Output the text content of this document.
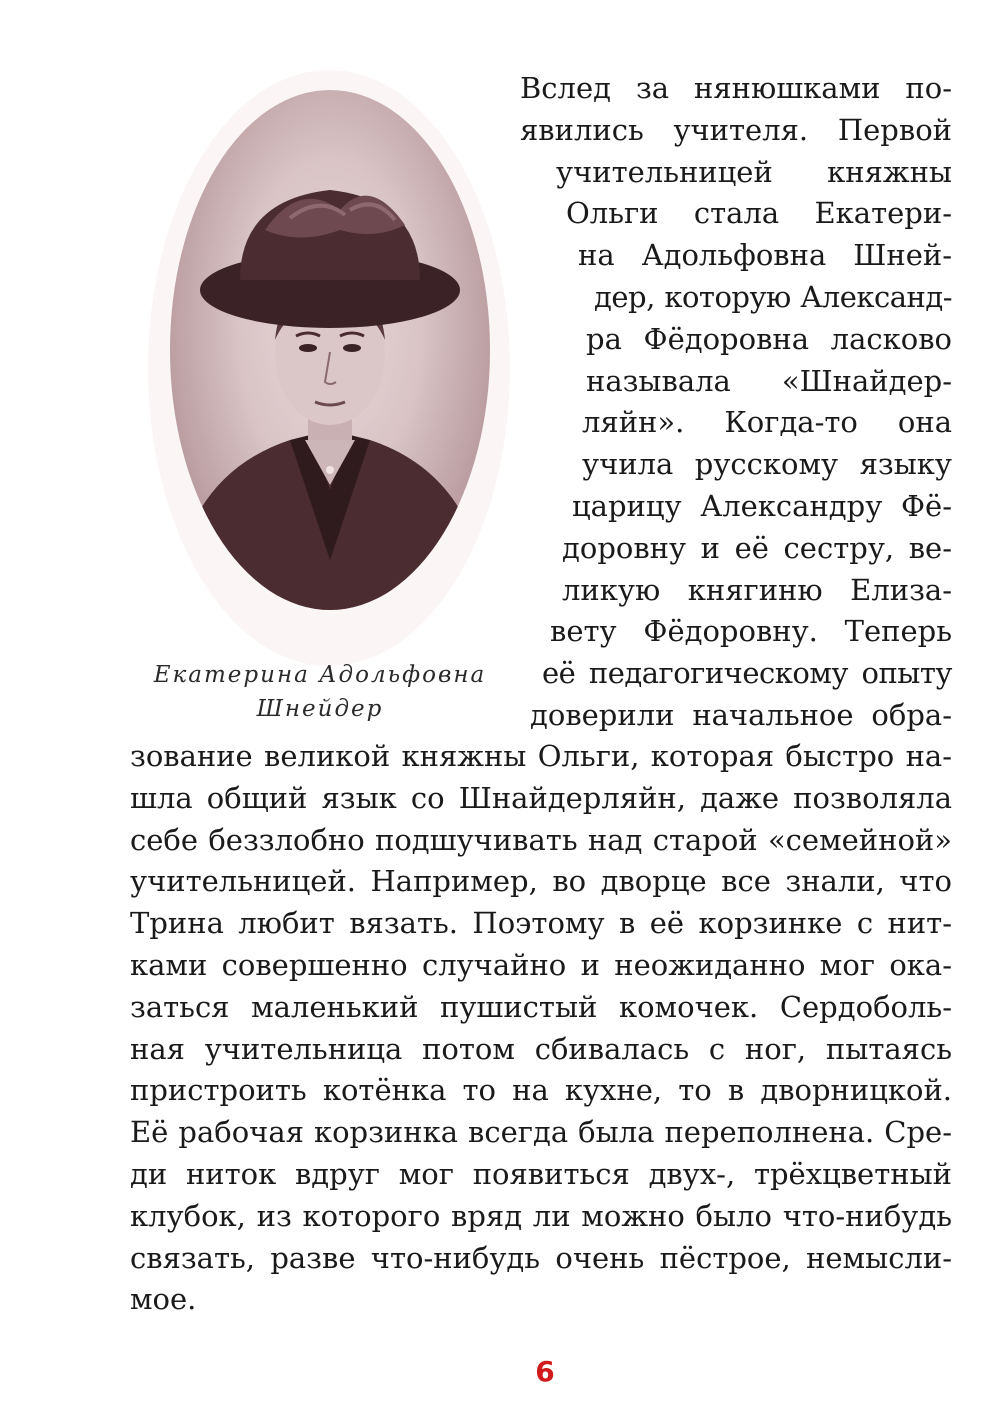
Екатерина Адольфовна
Шнейдер
Вслед за нянюшками по-
явились учителя. Первой
учительницей княжны
Ольги стала Екатери-
на Адольфовна Шней-
дер, которую Александ-
ра Фёдоровна ласково
называла «Шнайдер-
ляйн». Когда-то она
учила русскому языку
царицу Александру Фё-
доровну и её сестру, ве-
ликую княгиню Елиза-
вету Фёдоровну. Теперь
её педагогическому опыту
доверили начальное обра-
зование великой княжны Ольги, которая быстро на-
шла общий язык со Шнайдерляйн, даже позволяла
себе беззлобно подшучивать над старой «семейной»
учительницей. Например, во дворце все знали, что
Трина любит вязать. Поэтому в её корзинке с нит-
ками совершенно случайно и неожиданно мог ока-
заться маленький пушистый комочек. Сердоболь-
ная учительница потом сбивалась с ног, пытаясь
пристроить котёнка то на кухне, то в дворницкой.
Её рабочая корзинка всегда была переполнена. Сре-
ди ниток вдруг мог появиться двух-, трёхцветный
клубок, из которого вряд ли можно было что-нибудь
связать, разве что-нибудь очень пёстрое, немысли-
мое.
6
